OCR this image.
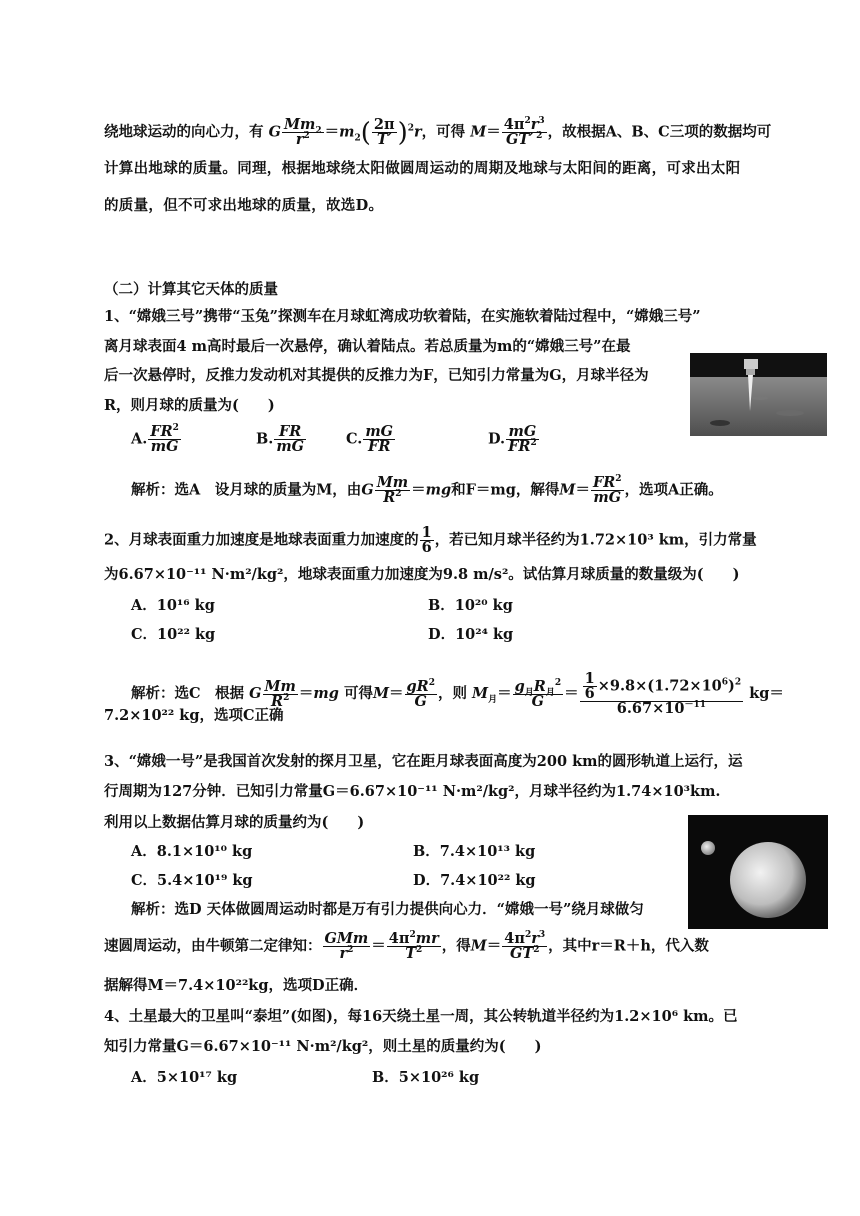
绕地球运动的向心力，有 G $\frac{Mm_2}{r^2} =m_2( \frac{2\pi}{T'} )^2r$，可得 $M= \frac{4\pi^2r^3}{GT' ^2}$ ，故根据A、B、C三项的数据均可
计算出地球的质量。同理，根据地球绕太阳做圆周运动的周期及地球与太阳间的距离，可求出太阳
的质量，但不可求出地球的质量，故选D。
（二）计算其它天体的质量
1、“嫦娥三号”携带“玉兔”探测车在月球虹湾成功软着陆，在实施软着陆过程中，“嫦娥三号”
离月球表面4 m高时最后一次悬停，确认着陆点。若总质量为m的“嫦娥三号”在最
后一次悬停时，反推力发动机对其提供的反推力为F，已知引力常量为G，月球半径为
R，则月球的质量为(　　)
A. $\frac{FR^2}{mG}$	B. $\frac{FR}{mG}$	C. $\frac{mG}{FR}$	D. $\frac{mG}{FR^2}$
解析：选A　设月球的质量为M，由G $\frac{Mm}{R^2} =mg$和F＝mg，解得$M= \frac{FR^2}{mG}$ ，选项A正确。
2、月球表面重力加速度是地球表面重力加速度的 $\frac{1}{6}$ ，若已知月球半径约为1.72×10³ km，引力常量
为6.67×10⁻¹¹ N·m²/kg²，地球表面重力加速度为9.8 m/s²。试估算月球质量的数量级为(　　)
A．10¹⁶ kg	B．10²⁰ kg
C．10²² kg	D．10²⁴ kg
解析：选C　根据 G $\frac{Mm}{R^2} =mg$ 可得$M= \frac{gR^2}{G}$ ，则 $M_月= \frac{g_月R_月^2}{G} = \frac{\frac{1}{6} \times 9.8\times(1.72\times 10^6)^2}{6.67\times 10^{-11}} kg=$
7.2×10²² kg，选项C正确
3、“嫦娥一号”是我国首次发射的探月卫星，它在距月球表面高度为200 km的圆形轨道上运行，运
行周期为127分钟．已知引力常量G＝6.67×10⁻¹¹ N·m²/kg²，月球半径约为1.74×10³km.
利用以上数据估算月球的质量约为(　　)
A．8.1×10¹⁰ kg	B．7.4×10¹³ kg
C．5.4×10¹⁹ kg	D．7.4×10²² kg
解析：选D 天体做圆周运动时都是万有引力提供向心力．“嫦娥一号”绕月球做匀
速圆周运动，由牛顿第二定律知： $\frac{\text{GMm}}{r^2} = \frac{4\pi^2mr}{T^2}$ ，得$M= \frac{4\pi^2r^3}{GT^2}$ ，其中r＝R＋h，代入数
据解得M＝7.4×10²²kg，选项D正确．
4、土星最大的卫星叫“泰坦”(如图)，每16天绕土星一周，其公转轨道半径约为1.2×10⁶ km。已
知引力常量G＝6.67×10⁻¹¹ N·m²/kg²，则土星的质量约为(　　)
A．5×10¹⁷ kg	B．5×10²⁶ kg
